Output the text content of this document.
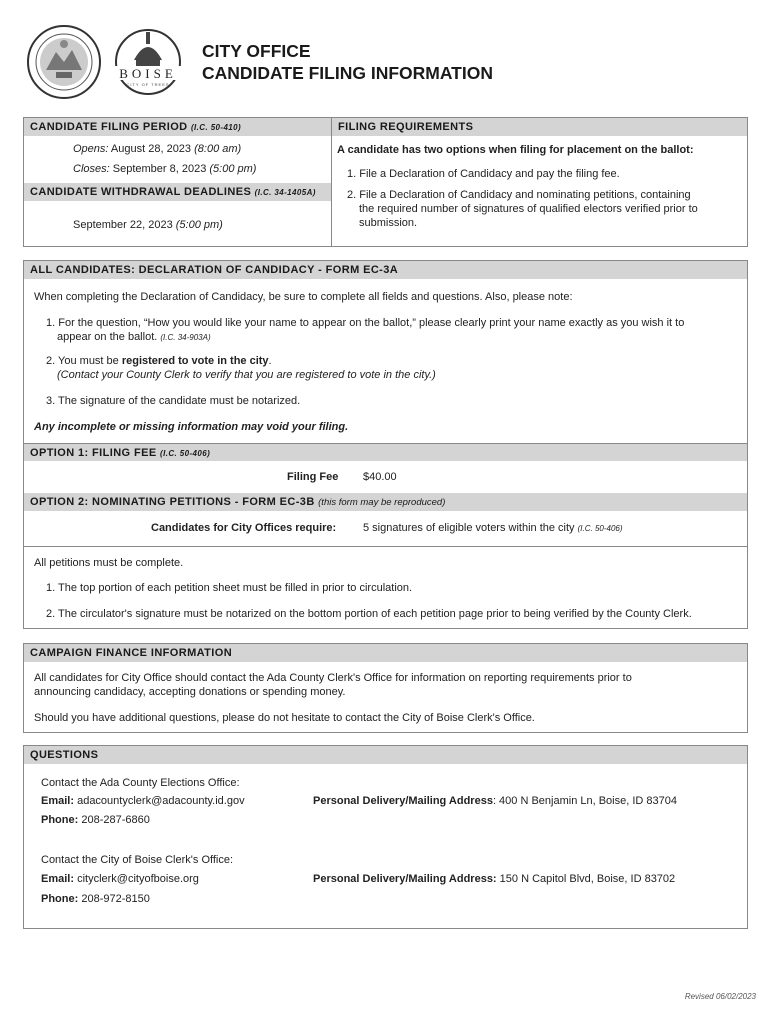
BOISE
CITY OF TREES
CITY OFFICE
CANDIDATE FILING INFORMATION
CANDIDATE FILING PERIOD (I.C. 50-410)	FILING REQUIREMENTS
Opens: August 28, 2023 (8:00 am)
Closes: September 8, 2023 (5:00 pm)
CANDIDATE WITHDRAWAL DEADLINES (I.C. 34-1405A)
September 22, 2023 (5:00 pm)
A candidate has two options when filing for placement on the ballot:
1. File a Declaration of Candidacy and pay the filing fee.
2. File a Declaration of Candidacy and nominating petitions, containing
the required number of signatures of qualified electors verified prior to
submission.
ALL CANDIDATES: DECLARATION OF CANDIDACY - FORM EC-3A
When completing the Declaration of Candidacy, be sure to complete all fields and questions. Also, please note:
1. For the question, “How you would like your name to appear on the ballot,” please clearly print your name exactly as you wish it to
appear on the ballot. (I.C. 34-903A)
2. You must be registered to vote in the city.
(Contact your County Clerk to verify that you are registered to vote in the city.)
3. The signature of the candidate must be notarized.
Any incomplete or missing information may void your filing.
OPTION 1: FILING FEE (I.C. 50-406)
Filing Fee $40.00
OPTION 2: NOMINATING PETITIONS - FORM EC-3B (this form may be reproduced)
Candidates for City Offices require: 5 signatures of eligible voters within the city (I.C. 50-406)
All petitions must be complete.
1. The top portion of each petition sheet must be filled in prior to circulation.
2. The circulator's signature must be notarized on the bottom portion of each petition page prior to being verified by the County Clerk.
CAMPAIGN FINANCE INFORMATION
All candidates for City Office should contact the Ada County Clerk's Office for information on reporting requirements prior to
announcing candidacy, accepting donations or spending money.
Should you have additional questions, please do not hesitate to contact the City of Boise Clerk's Office.
QUESTIONS
Contact the Ada County Elections Office:
Email: adacountyclerk@adacounty.id.gov
Phone: 208-287-6860
Personal Delivery/Mailing Address: 400 N Benjamin Ln, Boise, ID 83704
Contact the City of Boise Clerk's Office:
Email: cityclerk@cityofboise.org
Phone: 208-972-8150
Personal Delivery/Mailing Address: 150 N Capitol Blvd, Boise, ID 83702
Revised 06/02/2023
